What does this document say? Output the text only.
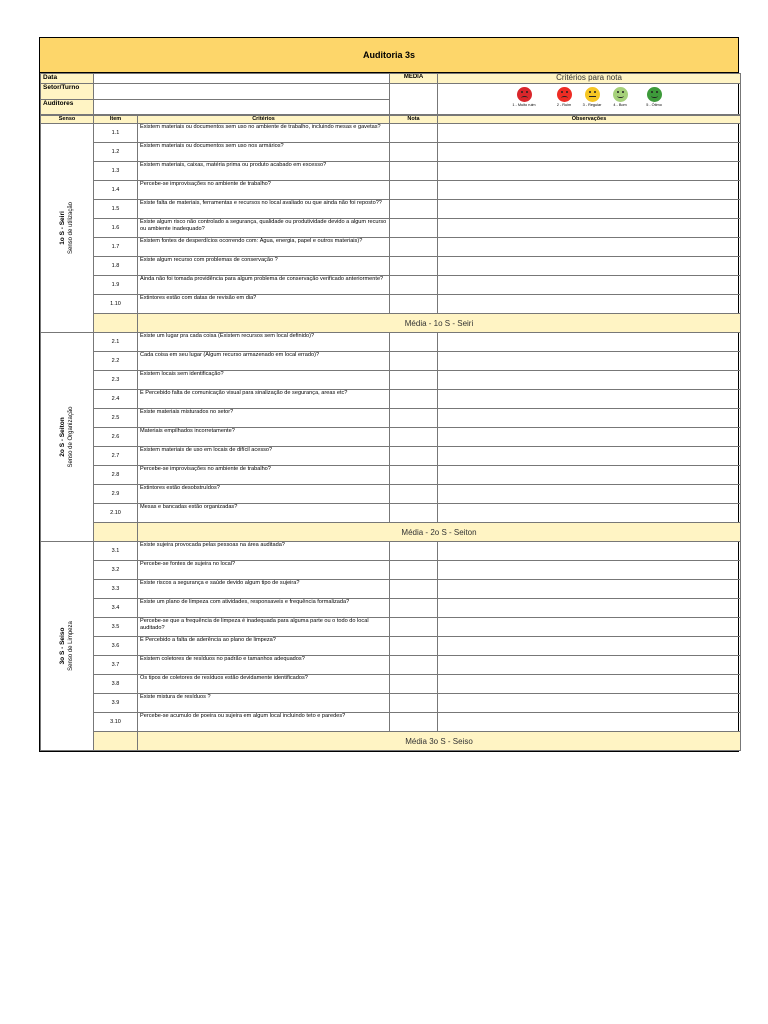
Auditoria 3s
Data		MÉDIA	Critérios para nota
Setor/Turno			1 - Muito ruim 2 - Ruim 3 - Regular 4 - Bom 5 - Ótimo

Auditores			
Senso	Item	Critérios	Nota	Observações

1o S - Seiri Senso de utilização	1.1	Existem materiais ou documentos sem uso no ambiente de trabalho, incluindo mesas e gavetas?		
	1.2	Existem materiais ou documentos sem uso nos armários?		
	1.3	Existem materiais, caixas, matéria prima ou produto acabado em excesso?		
	1.4	Percebe-se improvisações no ambiente de trabalho?		
	1.5	Existe falta de materiais, ferramentas e recursos no local avaliado ou que ainda não foi reposto??		
	1.6	Existe algum risco não controlado a segurança, qualidade ou produtividade devido a algum recurso ou ambiente inadequado?		
	1.7	Existem fontes de desperdícios ocorrendo com: Água, energia, papel e outros materiais)?		
	1.8	Existe algum recurso com problemas de conservação ?		
	1.9	Ainda não foi tomada providência para algum problema de conservação verificado anteriormente?		
	1.10	Extintores estão com datas de revisão em dia?		
		Média - 1o S - Seiri		

2o S - Seiton Senso de Organização	2.1	Existe um lugar pra cada coisa (Existem recursos sem local definido)?		
	2.2	Cada coisa em seu lugar (Algum recurso armazenado em local errado)?		
	2.3	Existem locais sem identificação?		
	2.4	E Percebido falta de comunicação visual para sinalização de segurança, areas etc?		
	2.5	Existe materiais misturados no setor?		
	2.6	Materiais empilhados incorretamente?		
	2.7	Existem materiais de uso em locais de difícil acesso?		
	2.8	Percebe-se improvisações no ambiente de trabalho?		
	2.9	Extintores estão desobstruídos?		
	2.10	Mesas e bancadas estão organizadas?		
		Média - 2o S - Seiton		

3o S - Seiso Senso de Limpeza	3.1	Existe sujeira provocada pelas pessoas na área auditada?		
	3.2	Percebe-se fontes de sujeira no local?		
	3.3	Existe riscos a segurança e saúde devido algum tipo de sujeira?		
	3.4	Existe um plano de limpeza com atividades, responsaveis e frequência formalizada?		
	3.5	Percebe-se que a frequência de limpeza é inadequada para alguma parte ou o todo do local auditado?		
	3.6	E Percebido a falta de aderência ao plano de limpeza?		
	3.7	Existem coletores de resíduos no padrão e tamanhos adequados?		
	3.8	Os tipos de coletores de resíduos estão devidamente identificados?		
	3.9	Existe mistura de resíduos ?		
	3.10	Percebe-se acumulo de poeira ou sujeira em algum local incluindo teto e paredes?		
		Média 3o S - Seiso		
